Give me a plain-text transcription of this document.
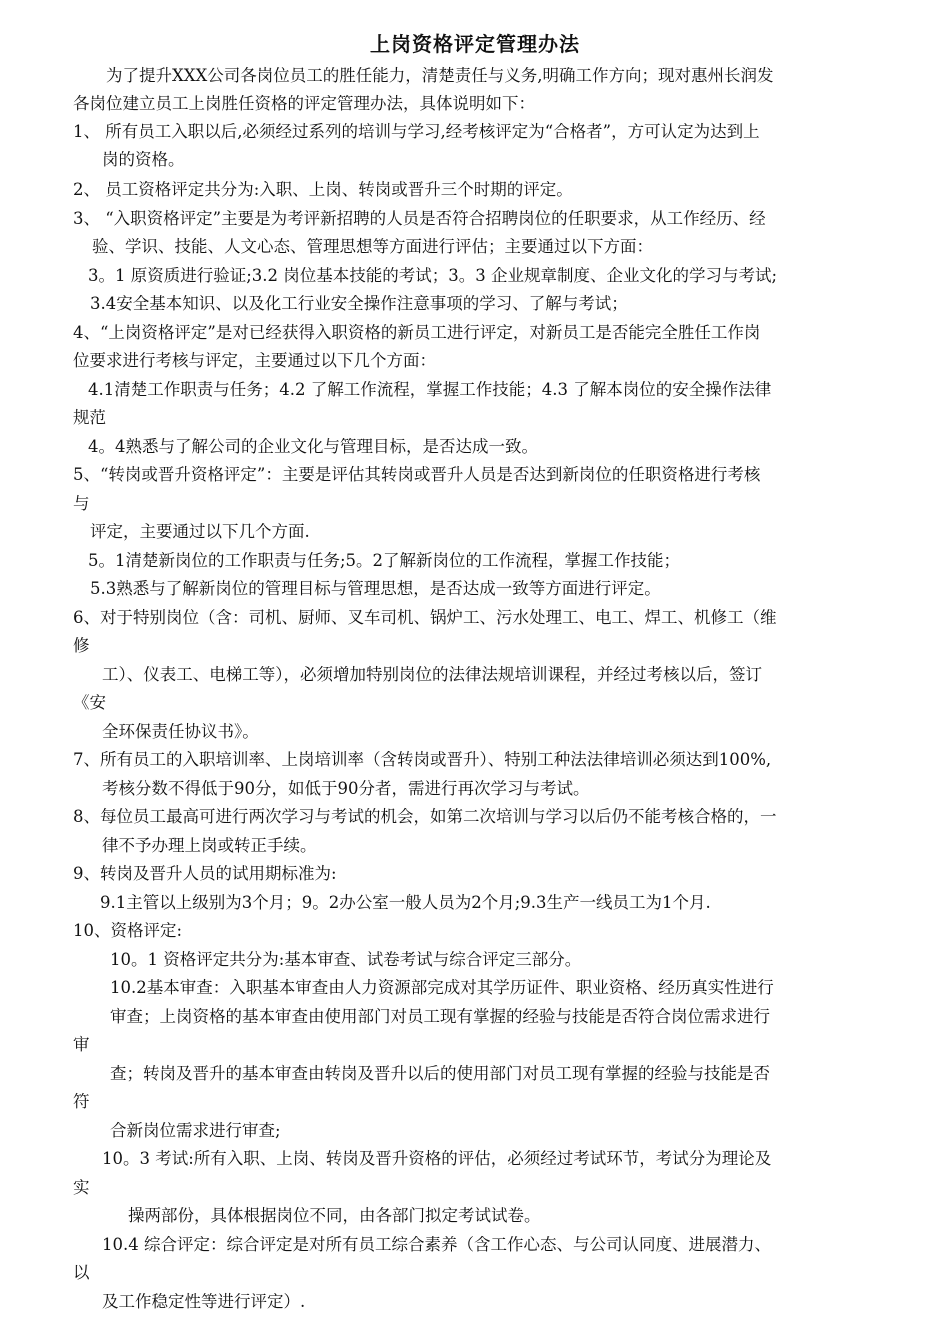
上岗资格评定管理办法
为了提升XXX公司各岗位员工的胜任能力，清楚责任与义务,明确工作方向；现对惠州长润发
各岗位建立员工上岗胜任资格的评定管理办法，具体说明如下：
1、 所有员工入职以后,必须经过系列的培训与学习,经考核评定为“合格者”，方可认定为达到上
岗的资格。
2、 员工资格评定共分为:入职、上岗、转岗或晋升三个时期的评定。
3、 “入职资格评定”主要是为考评新招聘的人员是否符合招聘岗位的任职要求，从工作经历、经
验、学识、技能、人文心态、管理思想等方面进行评估；主要通过以下方面：
3。1 原资质进行验证;3.2 岗位基本技能的考试；3。3 企业规章制度、企业文化的学习与考试;
3.4安全基本知识、以及化工行业安全操作注意事项的学习、了解与考试；
4、“上岗资格评定”是对已经获得入职资格的新员工进行评定，对新员工是否能完全胜任工作岗
位要求进行考核与评定，主要通过以下几个方面：
4.1清楚工作职责与任务；4.2 了解工作流程，掌握工作技能；4.3 了解本岗位的安全操作法律
规范
4。4熟悉与了解公司的企业文化与管理目标，是否达成一致。
5、“转岗或晋升资格评定”：主要是评估其转岗或晋升人员是否达到新岗位的任职资格进行考核
与
评定，主要通过以下几个方面.
5。1清楚新岗位的工作职责与任务;5。2了解新岗位的工作流程，掌握工作技能；
5.3熟悉与了解新岗位的管理目标与管理思想，是否达成一致等方面进行评定。
6、对于特别岗位（含：司机、厨师、叉车司机、锅炉工、污水处理工、电工、焊工、机修工（维
修
工）、仪表工、电梯工等），必须增加特别岗位的法律法规培训课程，并经过考核以后，签订
《安
全环保责任协议书》。
7、所有员工的入职培训率、上岗培训率（含转岗或晋升）、特别工种法法律培训必须达到100%,
考核分数不得低于90分，如低于90分者，需进行再次学习与考试。
8、每位员工最高可进行两次学习与考试的机会，如第二次培训与学习以后仍不能考核合格的，一
律不予办理上岗或转正手续。
9、转岗及晋升人员的试用期标准为:
9.1主管以上级别为3个月；9。2办公室一般人员为2个月;9.3生产一线员工为1个月.
10、资格评定:
10。1 资格评定共分为:基本审查、试卷考试与综合评定三部分。
10.2基本审查：入职基本审查由人力资源部完成对其学历证件、职业资格、经历真实性进行
审查；上岗资格的基本审查由使用部门对员工现有掌握的经验与技能是否符合岗位需求进行
审
查；转岗及晋升的基本审查由转岗及晋升以后的使用部门对员工现有掌握的经验与技能是否
符
合新岗位需求进行审查;
10。3 考试:所有入职、上岗、转岗及晋升资格的评估，必须经过考试环节，考试分为理论及
实
操两部份，具体根据岗位不同，由各部门拟定考试试卷。
10.4 综合评定：综合评定是对所有员工综合素养（含工作心态、与公司认同度、进展潜力、
以
及工作稳定性等进行评定）.
